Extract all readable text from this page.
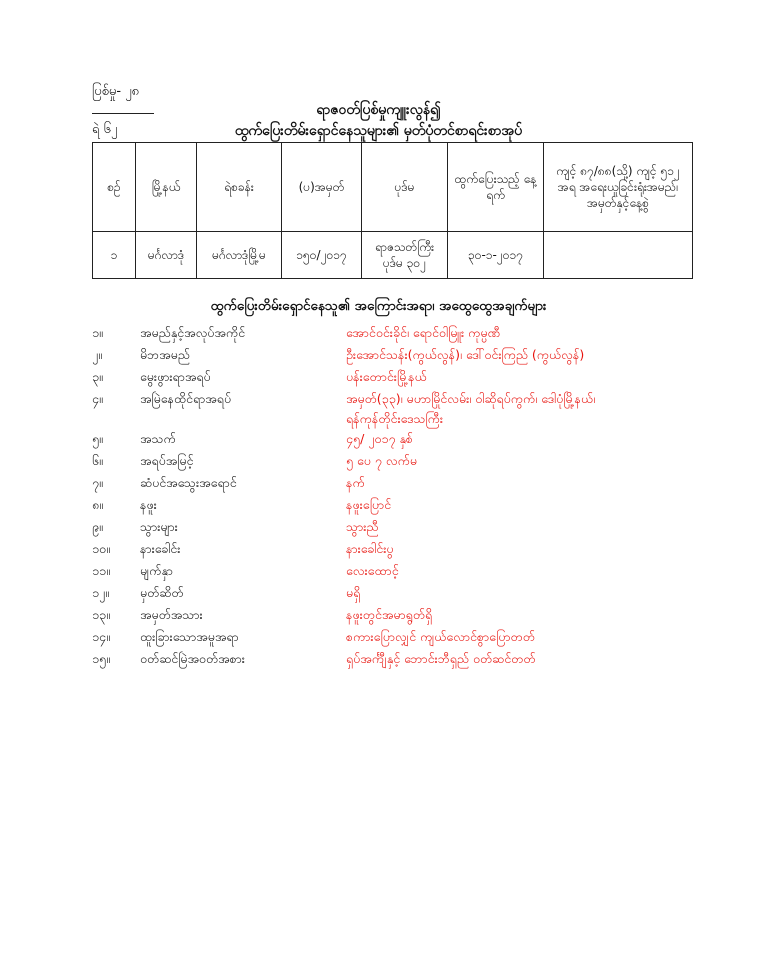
ပြစ်မှု- ၂၈
ရဲ ၆၂
ရာဇဝတ်ပြစ်မှုကျူးလွန်၍
ထွက်ပြေးတိမ်းရှောင်နေသူများ၏ မှတ်ပုံတင်စာရင်းစာအုပ်
စဉ်	မြို့နယ်	ရဲစခန်း	(ပ)အမှတ်	ပုဒ်မ	ထွက်ပြေးသည့် နေ့ရက်	ကျင့် ၈၇/၈၈(သို့) ကျင့် ၅၁၂ အရ အရေးယူခြင်းရုံးအမည်၊ အမှတ်နှင့်နေ့စွဲ
၁	မင်္ဂလာဒုံ	မင်္ဂလာဒုံမြို့မ	၁၅၀/၂၀၁၇	ရာဇသတ်ကြီး ပုဒ်မ ၃၀၂	၃၀-၁-၂၀၁၇	
ထွက်ပြေးတိမ်းရှောင်နေသူ၏ အကြောင်းအရာ၊ အထွေထွေအချက်များ
၁။	အမည်နှင့်အလုပ်အကိုင်	အောင်ဝင်းခိုင်၊ ရောင်ဝါမြူး ကုမ္ပဏီ
၂။	မိဘအမည်	ဦးအောင်သန်း(ကွယ်လွန်)၊ ဒေါ်ဝင်းကြည် (ကွယ်လွန်)
၃။	မွေးဖွားရာအရပ်	ပန်းတောင်းမြို့နယ်
၄။	အမြဲနေထိုင်ရာအရပ်	အမှတ်(၃၃)၊ မဟာမြိုင်လမ်း၊ ဝါဆိုရပ်ကွက်၊ ဒေါပုံမြို့နယ်၊
ရန်ကုန်တိုင်းဒေသကြီး
၅။	အသက်	၄၅/ ၂၀၁၇ နှစ်
၆။	အရပ်အမြင့်	၅ ပေ ၇ လက်မ
၇။	ဆံပင်အသွေးအရောင်	နက်
၈။	နဖူး	နဖူးပြောင်
၉။	သွားများ	သွားညီ
၁၀။	နားခေါင်း	နားခေါင်းပွ
၁၁။	မျက်နှာ	လေးထောင့်
၁၂။	မှတ်ဆိတ်	မရှိ
၁၃။	အမှတ်အသား	နဖူးတွင်အမာရွတ်ရှိ
၁၄။	ထူးခြားသောအမူအရာ	စကားပြောလျှင် ကျယ်လောင်စွာပြောတတ်
၁၅။	ဝတ်ဆင်မြဲအဝတ်အစား	ရှပ်အင်္ကျီနှင့် ဘောင်းဘီရှည် ဝတ်ဆင်တတ်
